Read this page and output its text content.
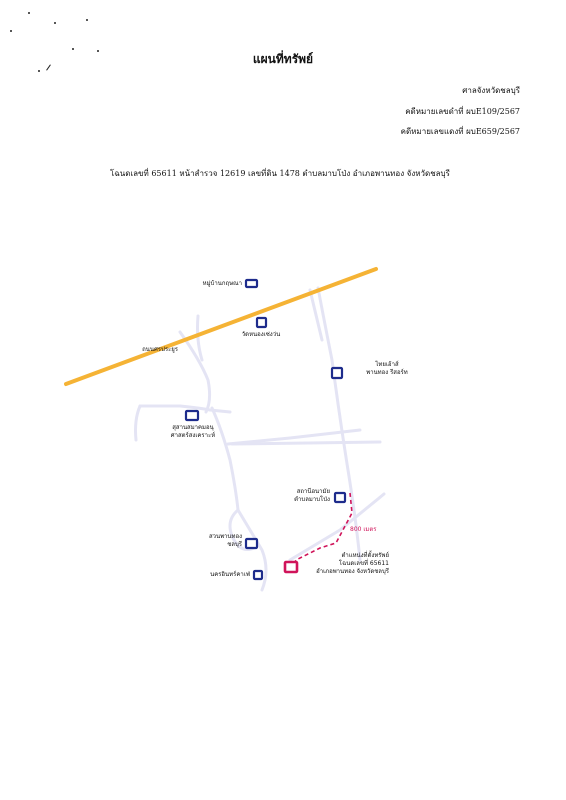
แผนที่ทรัพย์
ศาลจังหวัดชลบุรี
คดีหมายเลขดำที่ ผบE109/2567
คดีหมายเลขแดงที่ ผบE659/2567
โฉนดเลขที่ 65611 หน้าสำรวจ 12619 เลขที่ดิน 1478 ตำบลมาบโป่ง อำเภอพานทอง จังหวัดชลบุรี
ถนนศรประยูร
หมู่บ้านกฤษณา
วัดหนองเซ่งว่น
ไทยเฮ้าส์
พานทอง รีสอร์ท
สุสานสมาคมอนุ
ศาสตร์สงเคราะห์
สถานีอนามัย
ตำบลมาบโป่ง
สวนพานทอง
ชลบุรี
นครอินทร์คาเฟ่
800 เมตร
ตำแหน่งที่ตั้งทรัพย์
โฉนดเลขที่ 65611
อำเภอพานทอง จังหวัดชลบุรี
